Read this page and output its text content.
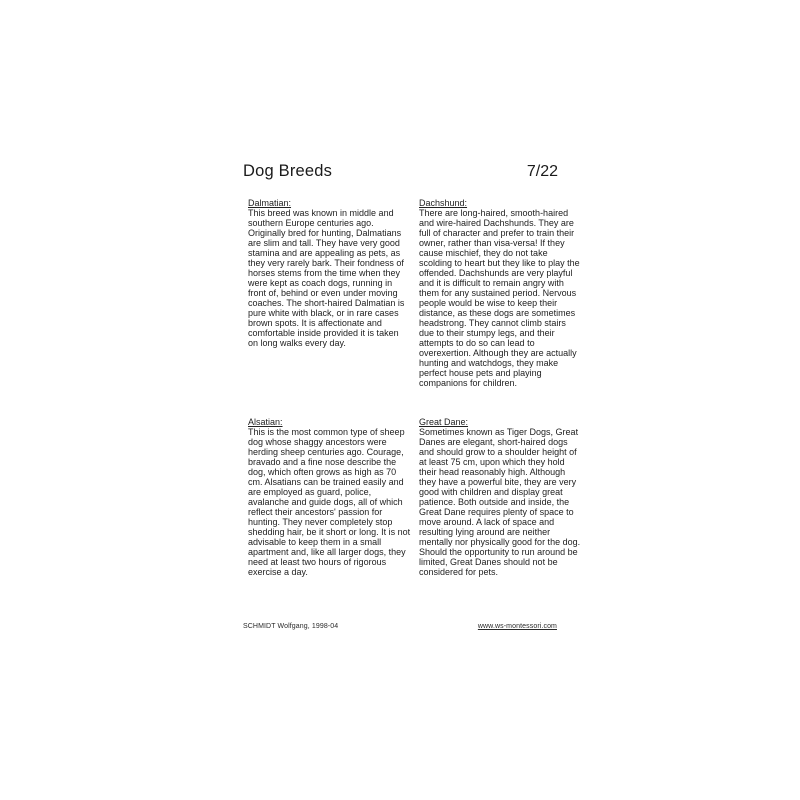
Dog Breeds	7/22
Dalmatian:
This breed was known in middle and southern Europe centuries ago. Originally bred for hunting, Dalmatians are slim and tall. They have very good stamina and are appealing as pets, as they very rarely bark. Their fondness of horses stems from the time when they were kept as coach dogs, running in front of, behind or even under moving coaches. The short-haired Dalmatian is pure white with black, or in rare cases brown spots. It is affectionate and comfortable inside provided it is taken on long walks every day.
Dachshund:
There are long-haired, smooth-haired and wire-haired Dachshunds. They are full of character and prefer to train their owner, rather than visa-versa! If they cause mischief, they do not take scolding to heart but they like to play the offended. Dachshunds are very playful and it is difficult to remain angry with them for any sustained period. Nervous people would be wise to keep their distance, as these dogs are sometimes headstrong. They cannot climb stairs due to their stumpy legs, and their attempts to do so can lead to overexertion. Although they are actually hunting and watchdogs, they make perfect house pets and playing companions for children.
Alsatian:
This is the most common type of sheep dog whose shaggy ancestors were herding sheep centuries ago. Courage, bravado and a fine nose describe the dog, which often grows as high as 70 cm. Alsatians can be trained easily and are employed as guard, police, avalanche and guide dogs, all of which reflect their ancestors' passion for hunting. They never completely stop shedding hair, be it short or long. It is not advisable to keep them in a small apartment and, like all larger dogs, they need at least two hours of rigorous exercise a day.
Great Dane:
Sometimes known as Tiger Dogs, Great Danes are elegant, short-haired dogs and should grow to a shoulder height of at least 75 cm, upon which they hold their head reasonably high. Although they have a powerful bite, they are very good with children and display great patience. Both outside and inside, the Great Dane requires plenty of space to move around. A lack of space and resulting lying around are neither mentally nor physically good for the dog. Should the opportunity to run around be limited, Great Danes should not be considered for pets.
SCHMIDT Wolfgang, 1998-04	www.ws-montessori.com
